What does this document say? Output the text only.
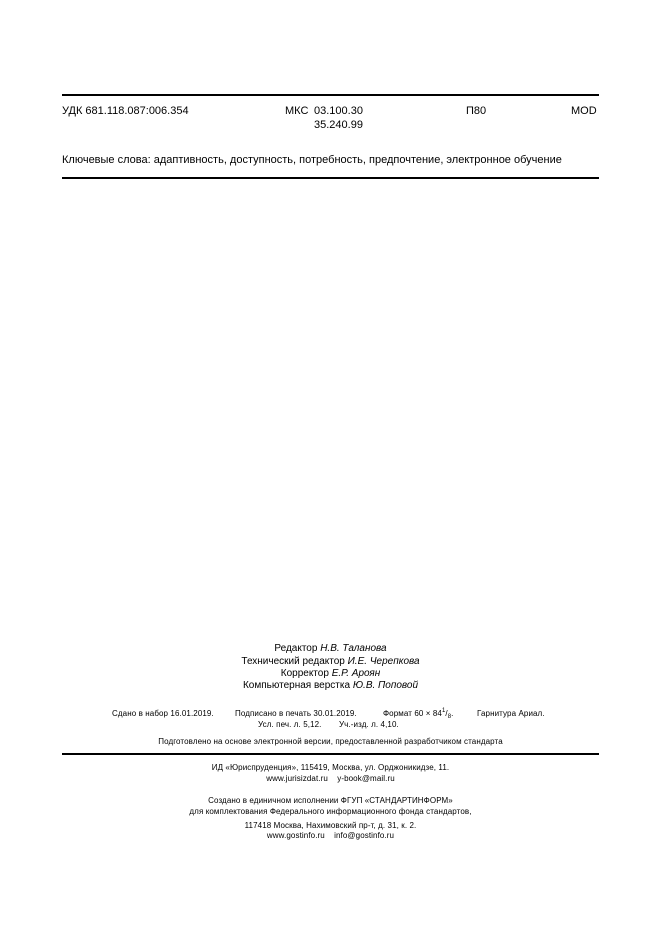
УДК 681.118.087:006.354	МКС 03.100.30
35.240.99
П80	MOD
Ключевые слова: адаптивность, доступность, потребность, предпочтение, электронное обучение
Редактор Н.В. Таланова
Технический редактор И.Е. Черепкова
Корректор Е.Р. Ароян
Компьютерная верстка Ю.В. Поповой
Сдано в набор 16.01.2019.	Подписано в печать 30.01.2019.	Формат $60 \times 84^1/_8$.	Гарнитура Ариал.
Усл. печ. л. 5,12. Уч.-изд. л. 4,10.
Подготовлено на основе электронной версии, предоставленной разработчиком стандарта
ИД «Юриспруденция», 115419, Москва, ул. Орджоникидзе, 11.
www.jurisizdat.ru    y-book@mail.ru
Создано в единичном исполнении ФГУП «СТАНДАРТИНФОРМ»
для комплектования Федерального информационного фонда стандартов,
117418 Москва, Нахимовский пр-т, д. 31, к. 2.
www.gostinfo.ru    info@gostinfo.ru
